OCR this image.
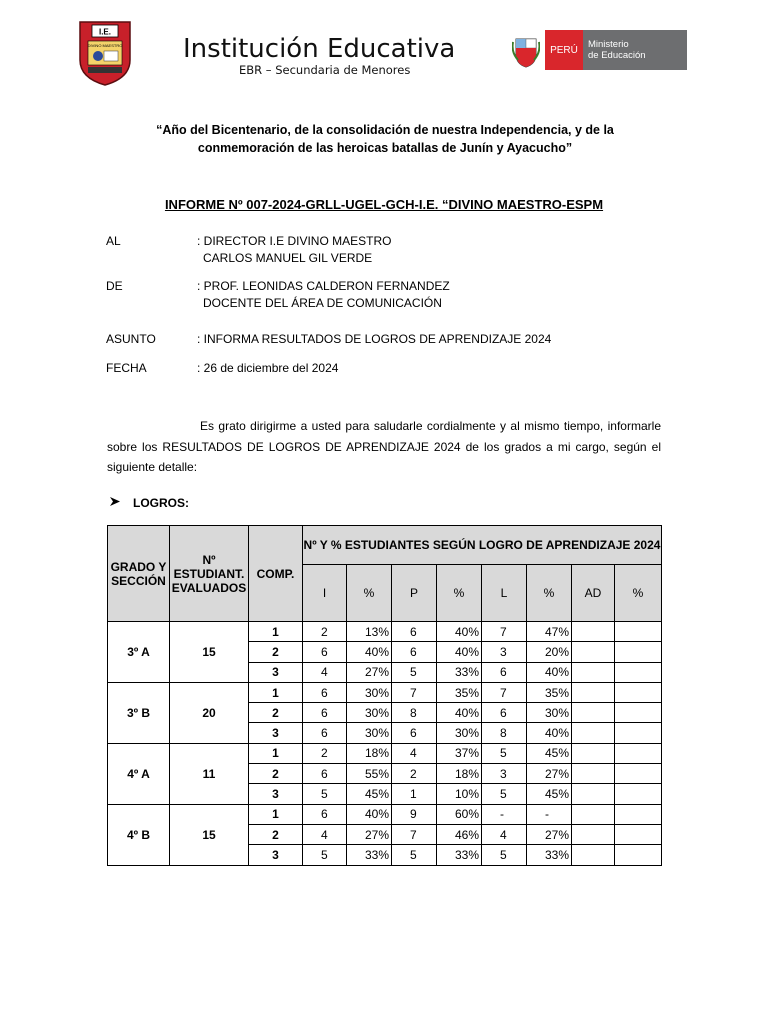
I.E.
DIVINO MAESTRO Institución Educativa
EBR – Secundaria de Menores
PERÚ Ministerio
de Educación
“Año del Bicentenario, de la consolidación de nuestra Independencia, y de la
conmemoración de las heroicas batallas de Junín y Ayacucho”
INFORME Nº 007-2024-GRLL-UGEL-GCH-I.E. “DIVINO MAESTRO-ESPM
AL	: DIRECTOR I.E DIVINO MAESTRO
CARLOS MANUEL GIL VERDE
DE	: PROF. LEONIDAS CALDERON FERNANDEZ
DOCENTE DEL ÁREA DE COMUNICACIÓN
ASUNTO	: INFORMA RESULTADOS DE LOGROS DE APRENDIZAJE 2024
FECHA	: 26 de diciembre del 2024
Es grato dirigirme a usted para saludarle cordialmente y al mismo tiempo, informarle sobre los RESULTADOS DE LOGROS DE APRENDIZAJE 2024 de los grados a mi cargo, según el siguiente detalle:
LOGROS:
GRADO Y SECCIÓN	Nº ESTUDIANT. EVALUADOS	COMP.	Nº Y % ESTUDIANTES SEGÚN LOGRO DE APRENDIZAJE 2024							
			I	%	P	%	L	%	AD	%
3º A	15	1	2	13%	6	40%	7	47%		
		2	6	40%	6	40%	3	20%		
		3	4	27%	5	33%	6	40%		
3º B	20	1	6	30%	7	35%	7	35%		
		2	6	30%	8	40%	6	30%		
		3	6	30%	6	30%	8	40%		
4º A	11	1	2	18%	4	37%	5	45%		
		2	6	55%	2	18%	3	27%		
		3	5	45%	1	10%	5	45%		
4º B	15	1	6	40%	9	60%	-	-		
		2	4	27%	7	46%	4	27%		
		3	5	33%	5	33%	5	33%		
